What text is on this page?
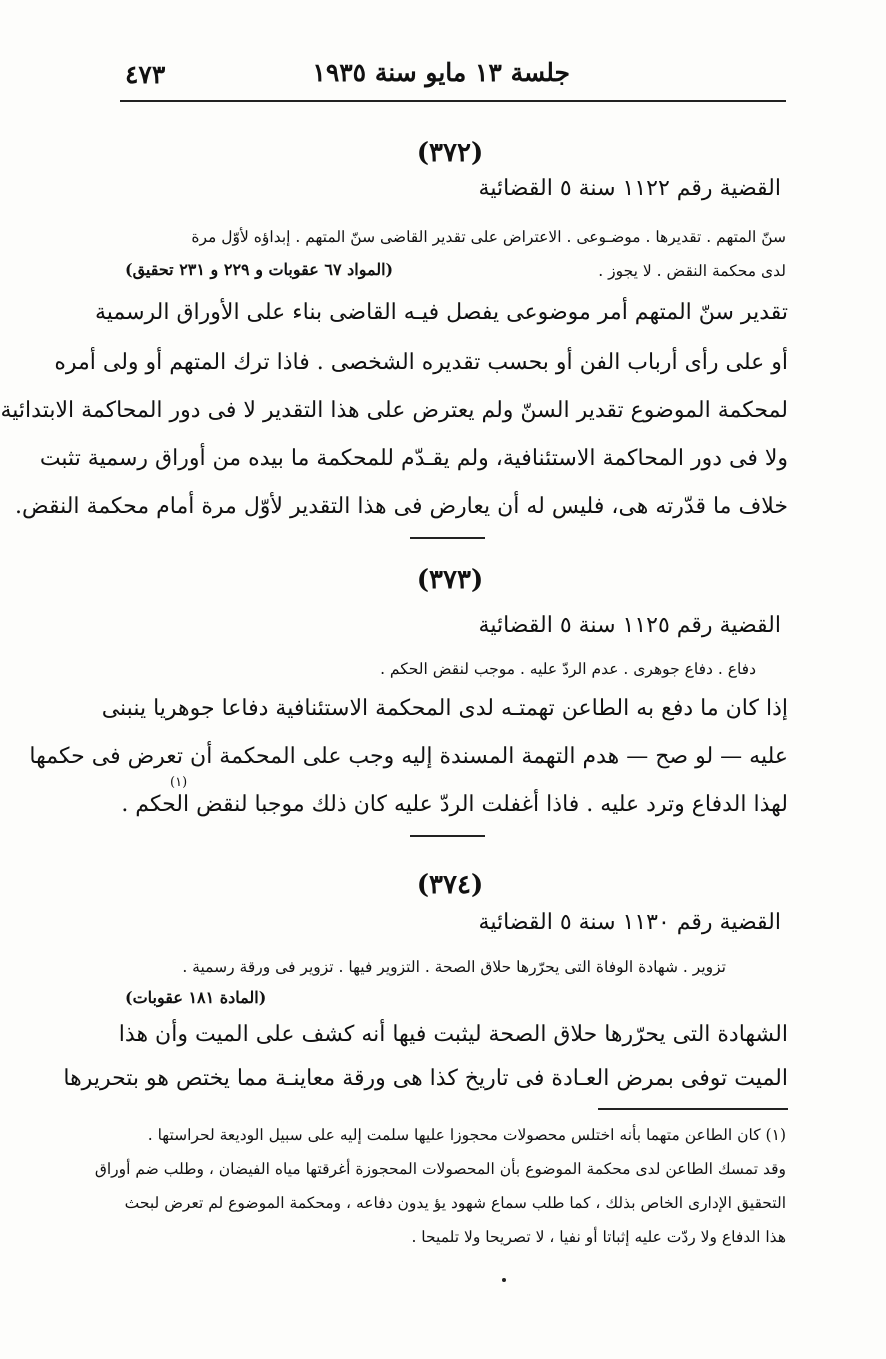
جلسة ١٣ مايو سنة ١٩٣٥
٤٧٣
(٣٧٢)
القضية رقم ١١٢٢ سنة ٥ القضائية
سنّ المتهم . تقديرها . موضـوعى . الاعتراض على تقدير القاضى سنّ المتهم . إبداؤه لأوّل مرة
لدى محكمة النقض . لا يجوز .
(المواد ٦٧ عقوبات و ٢٢٩ و ٢٣١ تحقيق)
تقدير سنّ المتهم أمر موضوعى يفصل فيـه القاضى بناء على الأوراق الرسمية
أو على رأى أرباب الفن أو بحسب تقديره الشخصى . فاذا ترك المتهم أو ولى أمره
لمحكمة الموضوع تقدير السنّ ولم يعترض على هذا التقدير لا فى دور المحاكمة الابتدائية
ولا فى دور المحاكمة الاستئنافية، ولم يقـدّم للمحكمة ما بيده من أوراق رسمية تثبت
خلاف ما قدّرته هى، فليس له أن يعارض فى هذا التقدير لأوّل مرة أمام محكمة النقض.
(٣٧٣)
القضية رقم ١١٢٥ سنة ٥ القضائية
دفاع . دفاع جوهرى . عدم الردّ عليه . موجب لنقض الحكم .
إذا كان ما دفع به الطاعن تهمتـه لدى المحكمة الاستئنافية دفاعا جوهريا ينبنى
عليه — لو صح — هدم التهمة المسندة إليه وجب على المحكمة أن تعرض فى حكمها
(١)
لهذا الدفاع وترد عليه . فاذا أغفلت الردّ عليه كان ذلك موجبا لنقض الحكم .
(٣٧٤)
القضية رقم ١١٣٠ سنة ٥ القضائية
تزوير . شهادة الوفاة التى يحرّرها حلاق الصحة . التزوير فيها . تزوير فى ورقة رسمية .
(المادة ١٨١ عقوبات)
الشهادة التى يحرّرها حلاق الصحة ليثبت فيها أنه كشف على الميت وأن هذا
الميت توفى بمرض العـادة فى تاريخ كذا هى ورقة معاينـة مما يختص هو بتحريرها
(١) كان الطاعن متهما بأنه اختلس محصولات محجوزا عليها سلمت إليه على سبيل الوديعة لحراستها .
وقد تمسك الطاعن لدى محكمة الموضوع بأن المحصولات المحجوزة أغرقتها مياه الفيضان ، وطلب ضم أوراق
التحقيق الإدارى الخاص بذلك ، كما طلب سماع شهود يؤ يدون دفاعه ، ومحكمة الموضوع لم تعرض لبحث
هذا الدفاع ولا ردّت عليه إثباتا أو نفيا ، لا تصريحا ولا تلميحا .
